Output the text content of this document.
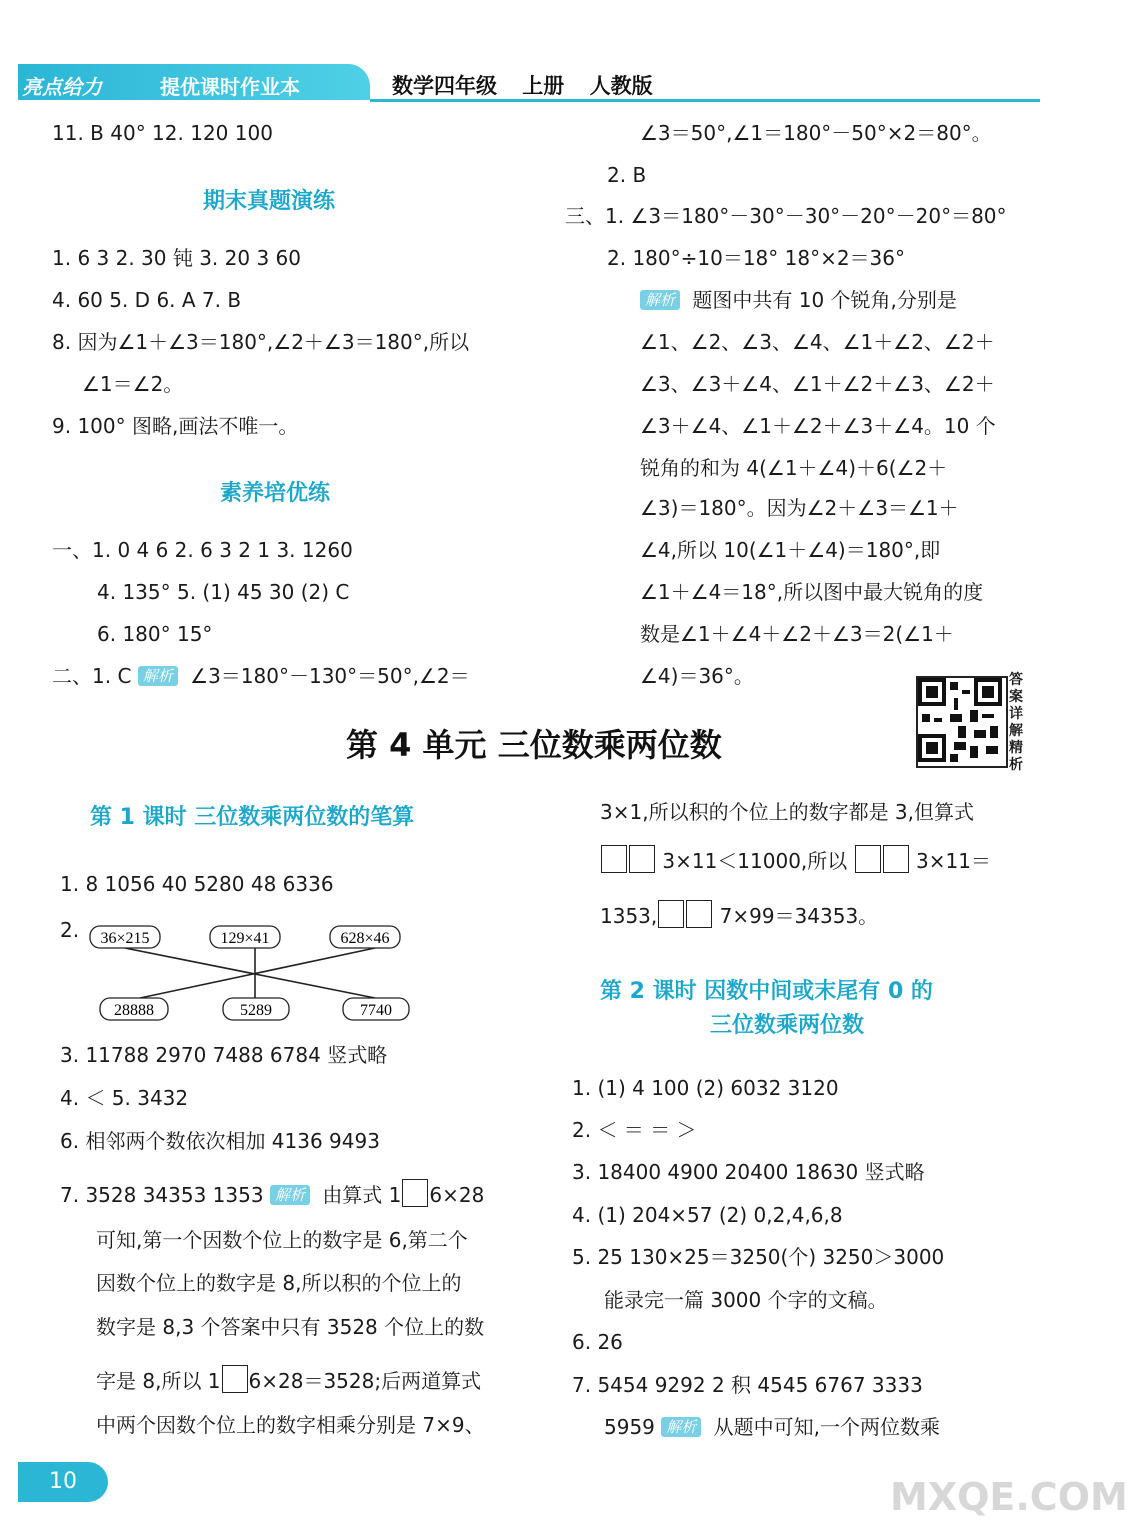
亮点给力	提优课时作业本	数学四年级 上册 人教版
11. B 40° 12. 120 100
期末真题演练
1. 6 3 2. 30 钝 3. 20 3 60
4. 60 5. D 6. A 7. B
8. 因为∠1＋∠3＝180°,∠2＋∠3＝180°,所以
∠1＝∠2。
9. 100° 图略,画法不唯一。
素养培优练
一、1. 0 4 6 2. 6 3 2 1 3. 1260
4. 135° 5. (1) 45 30 (2) C
6. 180° 15°
二、1. C 解析 ∠3＝180°－130°＝50°,∠2＝
∠3＝50°,∠1＝180°－50°×2＝80°。
2. B
三、1. ∠3＝180°－30°－30°－20°－20°＝80°
2. 180°÷10＝18° 18°×2＝36°
解析 题图中共有 10 个锐角,分别是
∠1、∠2、∠3、∠4、∠1＋∠2、∠2＋
∠3、∠3＋∠4、∠1＋∠2＋∠3、∠2＋
∠3＋∠4、∠1＋∠2＋∠3＋∠4。10 个
锐角的和为 4(∠1＋∠4)＋6(∠2＋
∠3)＝180°。因为∠2＋∠3＝∠1＋
∠4,所以 10(∠1＋∠4)＝180°,即
∠1＋∠4＝18°,所以图中最大锐角的度
数是∠1＋∠4＋∠2＋∠3＝2(∠1＋
∠4)＝36°。	答案详解精析
第 4 单元 三位数乘两位数
第 1 课时 三位数乘两位数的笔算
1. 8 1056 40 5280 48 6336
2. 36×215	129×41	628×46
28888	5289	7740
3. 11788 2970 7488 6784 竖式略
4. ＜ 5. 3432
6. 相邻两个数依次相加 4136 9493
7. 3528 34353 1353 解析 由算式 1 6×28
可知,第一个因数个位上的数字是 6,第二个
因数个位上的数字是 8,所以积的个位上的
数字是 8,3 个答案中只有 3528 个位上的数
字是 8,所以 1 6×28＝3528;后两道算式
中两个因数个位上的数字相乘分别是 7×9、
3×1,所以积的个位上的数字都是 3,但算式
3×11＜11000,所以	3×11＝
1353,	7×99＝34353。
第 2 课时 因数中间或末尾有 0 的
三位数乘两位数
1. (1) 4 100 (2) 6032 3120
2. ＜ ＝ ＝ ＞
3. 18400 4900 20400 18630 竖式略
4. (1) 204×57 (2) 0,2,4,6,8
5. 25 130×25＝3250(个) 3250＞3000
能录完一篇 3000 个字的文稿。
6. 26
7. 5454 9292 2 积 4545 6767 3333
5959 解析 从题中可知,一个两位数乘
10	MXQE.COM
